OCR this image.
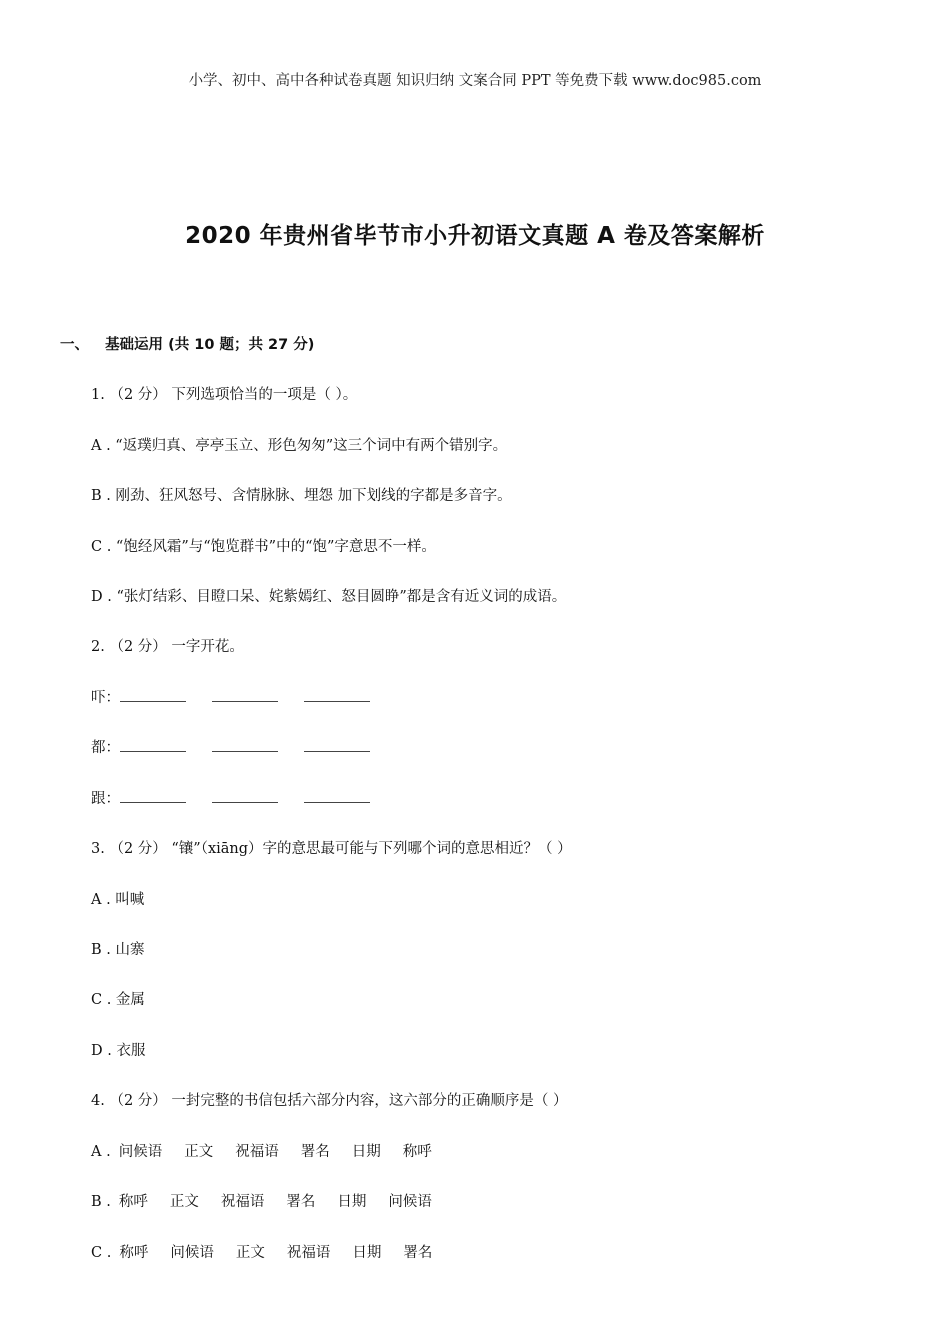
小学、初中、高中各种试卷真题 知识归纳 文案合同 PPT 等免费下载 www.doc985.com
2020 年贵州省毕节市小升初语文真题 A 卷及答案解析
一、 基础运用 (共 10 题；共 27 分)
1. （2 分） 下列选项恰当的一项是（ ）。
A . “返璞归真、亭亭玉立、形色匆匆”这三个词中有两个错别字。
B . 刚劲、狂风怒号、含情脉脉、埋怨 加下划线的字都是多音字。
C . “饱经风霜”与“饱览群书”中的“饱”字意思不一样。
D . “张灯结彩、目瞪口呆、姹紫嫣红、怒目圆睁”都是含有近义词的成语。
2. （2 分） 一字开花。
吓：
都：
跟：
3. （2 分） “镶”（xiāng）字的意思最可能与下列哪个词的意思相近？（ ）
A . 叫喊
B . 山寨
C . 金属
D . 衣服
4. （2 分） 一封完整的书信包括六部分内容，这六部分的正确顺序是（ ）
A . 问候语 正文 祝福语 署名 日期 称呼
B . 称呼 正文 祝福语 署名 日期 问候语
C . 称呼 问候语 正文 祝福语 日期 署名
